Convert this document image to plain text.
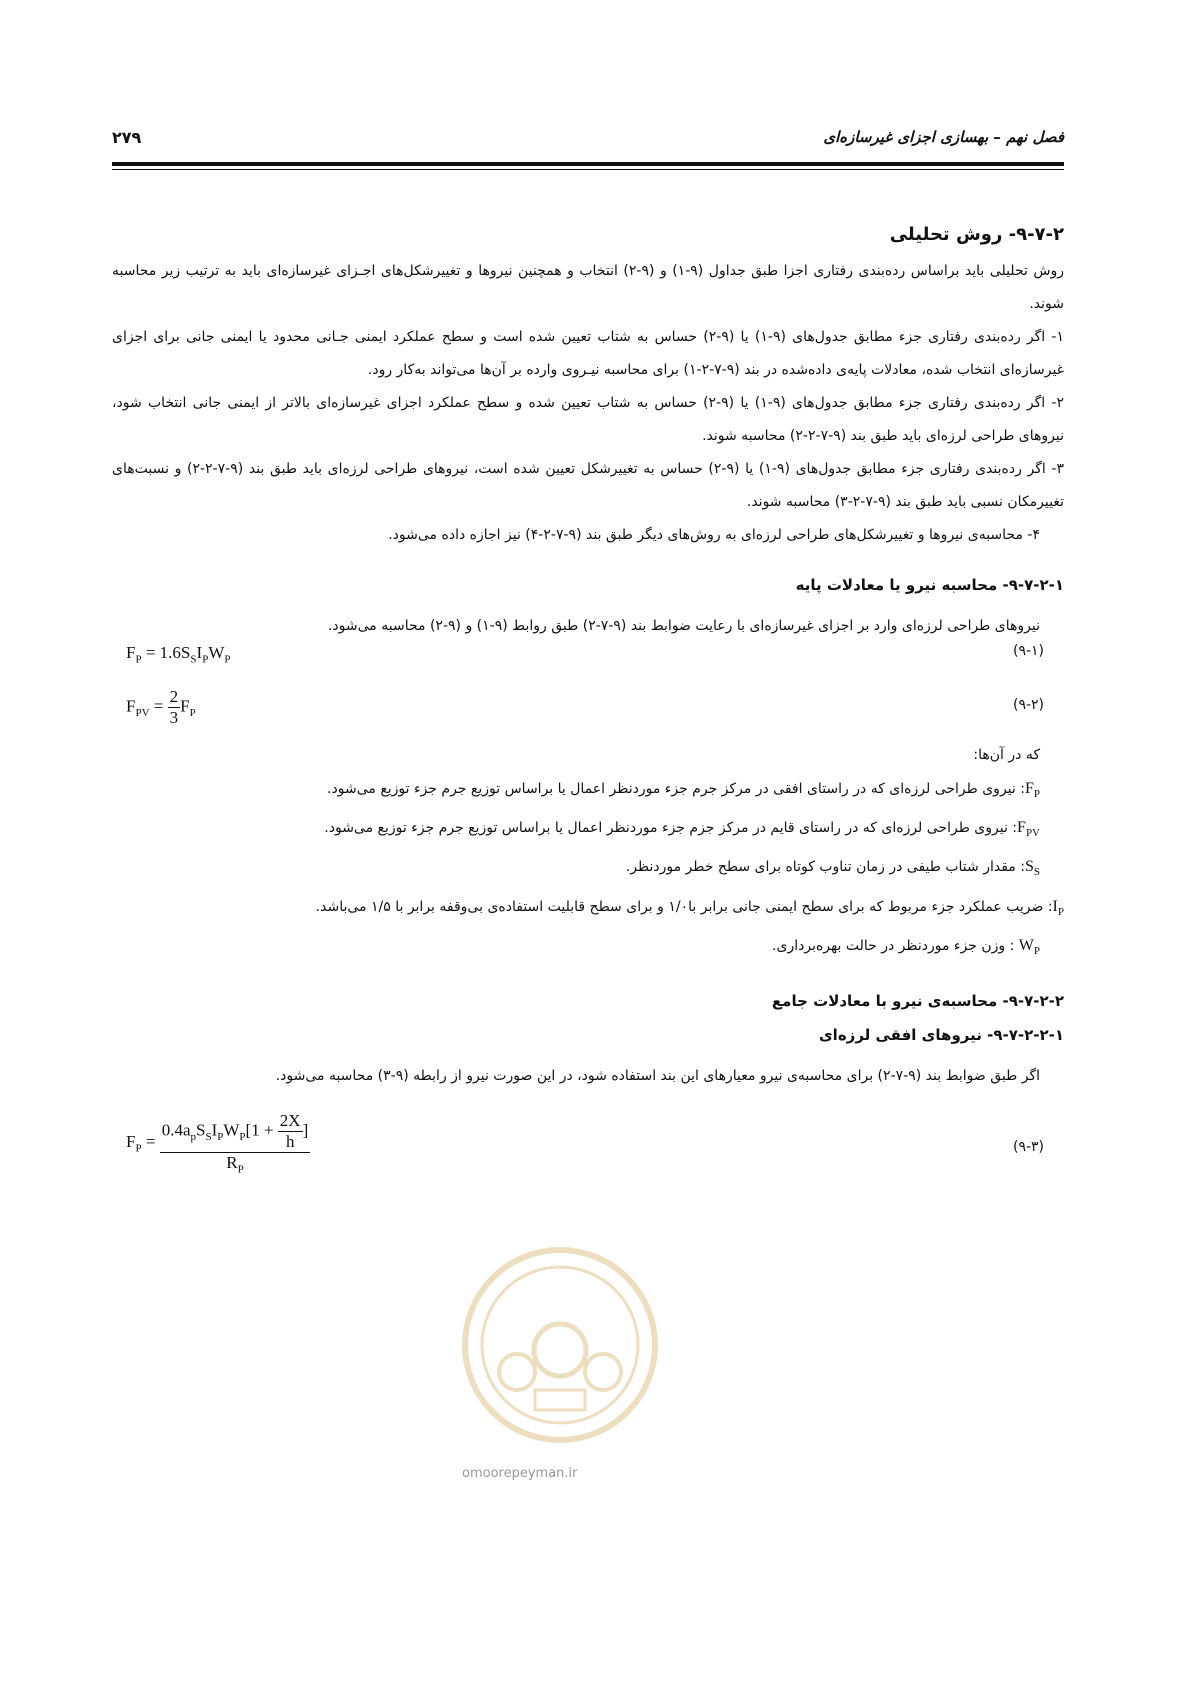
فصل نهم – بهسازی اجزای غیرسازه‌ای
۲۷۹
۹-۷-۲- روش تحلیلی

روش تحلیلی باید براساس رده‌بندی رفتاری اجزا طبق جداول (۹-۱) و (۹-۲) انتخاب و همچنین نیروها و تغییرشکل‌های اجـزای غیرسازه‌ای باید به ترتیب زیر محاسبه شوند.

۱- اگر رده‌بندی رفتاری جزء مطابق جدول‌های (۹-۱) یا (۹-۲) حساس به شتاب تعیین شده است و سطح عملکرد ایمنی جـانی محدود یا ایمنی جانی برای اجزای غیرسازه‌ای انتخاب شده، معادلات پایه‌ی داده‌شده در بند (۹-۷-۲-۱) برای محاسبه نیـروی وارده بر آن‌ها می‌تواند به‌کار رود.

۲- اگر رده‌بندی رفتاری جزء مطابق جدول‌های (۹-۱) یا (۹-۲) حساس به شتاب تعیین شده و سطح عملکرد اجزای غیرسازه‌ای بالاتر از ایمنی جانی انتخاب شود، نیروهای طراحی لرزه‌ای باید طبق بند (۹-۷-۲-۲) محاسبه شوند.

۳- اگر رده‌بندی رفتاری جزء مطابق جدول‌های (۹-۱) یا (۹-۲) حساس به تغییرشکل تعیین شده است، نیروهای طراحی لرزه‌ای باید طبق بند (۹-۷-۲-۲) و نسبت‌های تغییرمکان نسبی باید طبق بند (۹-۷-۲-۳) محاسبه شوند.

۴- محاسبه‌ی نیروها و تغییرشکل‌های طراحی لرزه‌ای به روش‌های دیگر طبق بند (۹-۷-۲-۴) نیز اجازه داده می‌شود.

۹-۷-۲-۱- محاسبه نیرو یا معادلات پایه

نیروهای طراحی لرزه‌ای وارد بر اجزای غیرسازه‌ای با رعایت ضوابط بند (۹-۷-۲) طبق روابط (۹-۱) و (۹-۲) محاسبه می‌شود.

$F_P = 1.6S_SI_PW_P$
(۹-۱)
$F_{PV} = \frac{2}{3} F_P$	(۹-۲)

که در آن‌ها:

$F_P$: نیروی طراحی لرزه‌ای که در راستای افقی در مرکز جرم جزء موردنظر اعمال یا براساس توزیع جرم جزء توزیع می‌شود.
$F_{PV}$: نیروی طراحی لرزه‌ای که در راستای قایم در مرکز جزم جزء موردنظر اعمال یا براساس توزیع جرم جزء توزیع می‌شود.
$S_S$: مقدار شتاب طیفی در زمان تناوب کوتاه برای سطح خطر موردنظر.
$I_P$: ضریب عملکرد جزء مربوط که برای سطح ایمنی جانی برابر با۱/۰ و برای سطح قابلیت استفاده‌ی بی‌وقفه برابر با ۱/۵ می‌باشد.
$W_P$ : وزن جزء موردنظر در حالت بهره‌برداری.
۹-۷-۲-۲- محاسبه‌ی نیرو با معادلات جامع
۹-۷-۲-۲-۱- نیروهای افقی لرزه‌ای

اگر طبق ضوابط بند (۹-۷-۲) برای محاسبه‌ی نیرو معیارهای این بند استفاده شود، در این صورت نیرو از رابطه (۹-۳) محاسبه می‌شود.

$F_P = \frac{0.4a_pS_SI_PW_P[1 + \frac{2X}{h} ]}{R_P}$	(۹-۳)
omoorepeyman.ir
